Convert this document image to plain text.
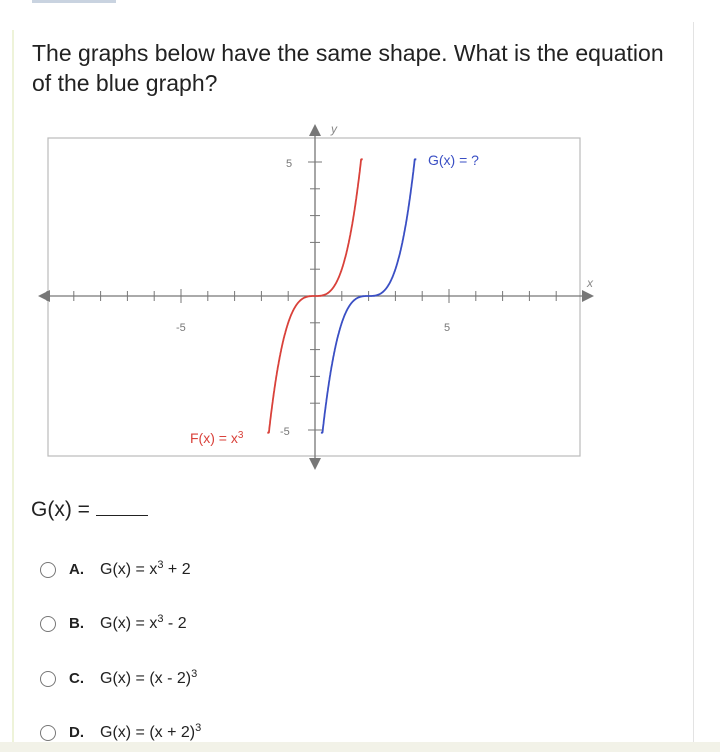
The graphs below have the same shape. What is the equation of the blue graph?
x
y
-5	5
5
-5
$F(x) = x^3$
G(x) = ?
G(x) =
A. $G(x) = x^3 + 2$
B. $G(x) = x^3 - 2$
C. G(x) = (x - 2)$^3$
D. $G(x) = (x + 2)^3$
